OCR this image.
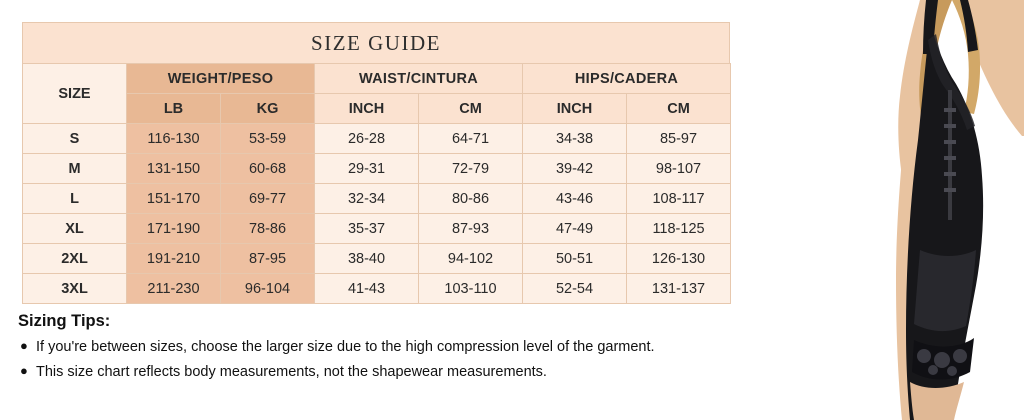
SIZE GUIDE
SIZE	WEIGHT/PESO		WAIST/CINTURA		HIPS/CADERA	
	LB	KG	INCH	CM	INCH	CM
S	116-130	53-59	26-28	64-71	34-38	85-97
M	131-150	60-68	29-31	72-79	39-42	98-107
L	151-170	69-77	32-34	80-86	43-46	108-117
XL	171-190	78-86	35-37	87-93	47-49	118-125
2XL	191-210	87-95	38-40	94-102	50-51	126-130
3XL	211-230	96-104	41-43	103-110	52-54	131-137
Sizing Tips:
● If you're between sizes, choose the larger size due to the high compression level of the garment.
● This size chart reflects body measurements, not the shapewear measurements.
